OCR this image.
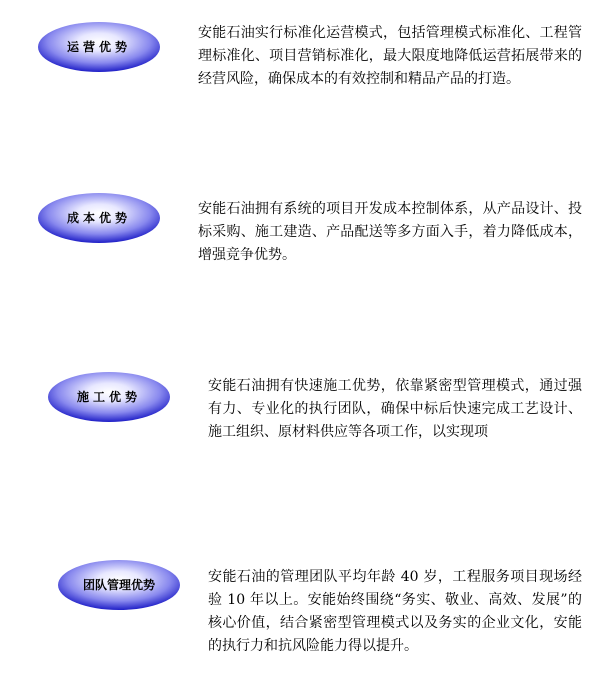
运营优势

安能石油实行标准化运营模式，包括管理模式标准化、工程管理标准化、项目营销标准化，最大限度地降低运营拓展带来的经营风险，确保成本的有效控制和精品产品的打造。

成本优势

安能石油拥有系统的项目开发成本控制体系，从产品设计、投标采购、施工建造、产品配送等多方面入手，着力降低成本，增强竞争优势。

施工优势

安能石油拥有快速施工优势，依靠紧密型管理模式，通过强有力、专业化的执行团队，确保中标后快速完成工艺设计、施工组织、原材料供应等各项工作，以实现项

团队管理优势	安能石油的管理团队平均年龄 40 岁，工程服务项目现场经验 10 年以上。安能始终围绕“务实、敬业、高效、发展”的核心价值，结合紧密型管理模式以及务实的企业文化，安能的执行力和抗风险能力得以提升。
